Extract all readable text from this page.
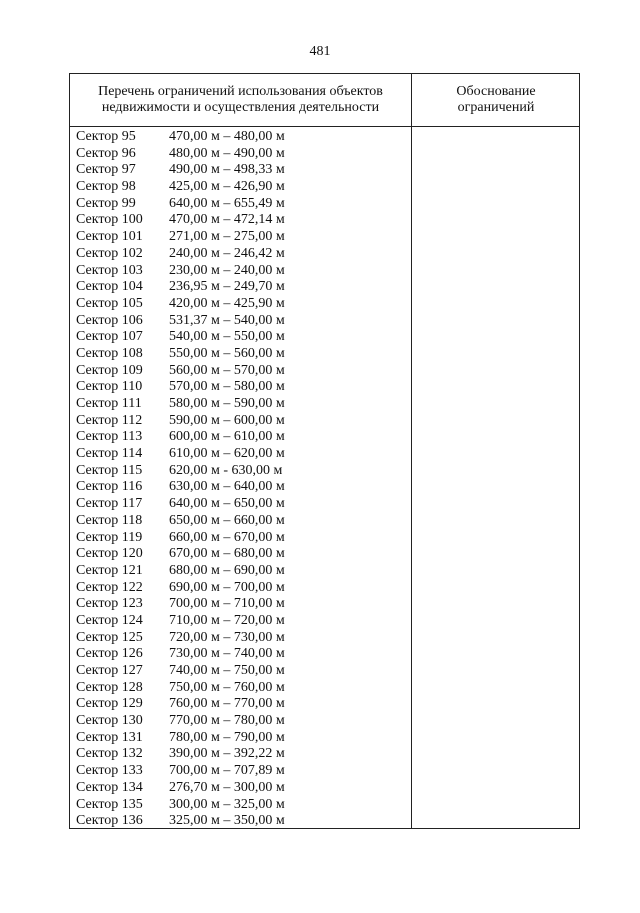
481
Перечень ограничений использования объектов
недвижимости и осуществления деятельности
Обоснование
ограничений
Сектор 95 470,00 м – 480,00 м
Сектор 96 480,00 м – 490,00 м
Сектор 97 490,00 м – 498,33 м
Сектор 98 425,00 м – 426,90 м
Сектор 99 640,00 м – 655,49 м
Сектор 100 470,00 м – 472,14 м
Сектор 101 271,00 м – 275,00 м
Сектор 102 240,00 м – 246,42 м
Сектор 103 230,00 м – 240,00 м
Сектор 104 236,95 м – 249,70 м
Сектор 105 420,00 м – 425,90 м
Сектор 106 531,37 м – 540,00 м
Сектор 107 540,00 м – 550,00 м
Сектор 108 550,00 м – 560,00 м
Сектор 109 560,00 м – 570,00 м
Сектор 110 570,00 м – 580,00 м
Сектор 111 580,00 м – 590,00 м
Сектор 112 590,00 м – 600,00 м
Сектор 113 600,00 м – 610,00 м
Сектор 114 610,00 м – 620,00 м
Сектор 115 620,00 м - 630,00 м
Сектор 116 630,00 м – 640,00 м
Сектор 117 640,00 м – 650,00 м
Сектор 118 650,00 м – 660,00 м
Сектор 119 660,00 м – 670,00 м
Сектор 120 670,00 м – 680,00 м
Сектор 121 680,00 м – 690,00 м
Сектор 122 690,00 м – 700,00 м
Сектор 123 700,00 м – 710,00 м
Сектор 124 710,00 м – 720,00 м
Сектор 125 720,00 м – 730,00 м
Сектор 126 730,00 м – 740,00 м
Сектор 127 740,00 м – 750,00 м
Сектор 128 750,00 м – 760,00 м
Сектор 129 760,00 м – 770,00 м
Сектор 130 770,00 м – 780,00 м
Сектор 131 780,00 м – 790,00 м
Сектор 132 390,00 м – 392,22 м
Сектор 133 700,00 м – 707,89 м
Сектор 134 276,70 м – 300,00 м
Сектор 135 300,00 м – 325,00 м
Сектор 136 325,00 м – 350,00 м
